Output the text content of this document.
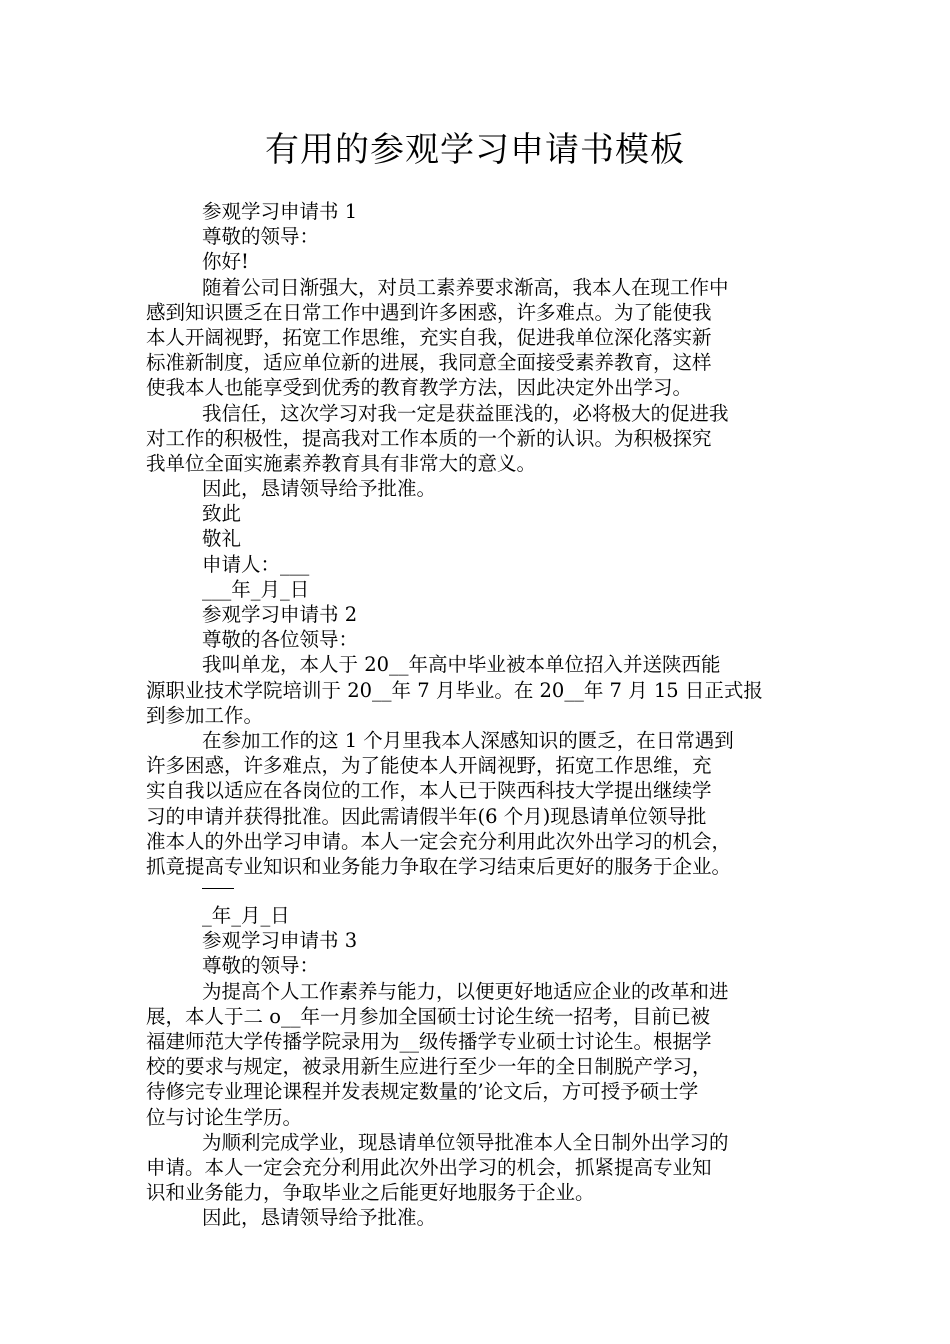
有用的参观学习申请书模板
参观学习申请书 1
尊敬的领导：
你好!
随着公司日渐强大，对员工素养要求渐高，我本人在现工作中
感到知识匮乏在日常工作中遇到许多困惑，许多难点。为了能使我
本人开阔视野，拓宽工作思维，充实自我，促进我单位深化落实新
标准新制度，适应单位新的进展，我同意全面接受素养教育，这样
使我本人也能享受到优秀的教育教学方法，因此决定外出学习。
我信任，这次学习对我一定是获益匪浅的，必将极大的促进我
对工作的积极性，提高我对工作本质的一个新的认识。为积极探究
我单位全面实施素养教育具有非常大的意义。
因此，恳请领导给予批准。
致此
敬礼
申请人：___
___年_月_日
参观学习申请书 2
尊敬的各位领导：
我叫单龙，本人于 20__年高中毕业被本单位招入并送陕西能
源职业技术学院培训于 20__年 7 月毕业。在 20__年 7 月 15 日正式报
到参加工作。
在参加工作的这 1 个月里我本人深感知识的匮乏，在日常遇到
许多困惑，许多难点，为了能使本人开阔视野，拓宽工作思维，充
实自我以适应在各岗位的工作，本人已于陕西科技大学提出继续学
习的申请并获得批准。因此需请假半年(6 个月)现恳请单位领导批
准本人的外出学习申请。本人一定会充分利用此次外出学习的机会，
抓竟提高专业知识和业务能力争取在学习结束后更好的服务于企业。
_年_月_日
参观学习申请书 3
尊敬的领导：
为提高个人工作素养与能力，以便更好地适应企业的改革和进
展，本人于二 o__年一月参加全国硕士讨论生统一招考，目前已被
福建师范大学传播学院录用为__级传播学专业硕士讨论生。根据学
校的要求与规定，被录用新生应进行至少一年的全日制脱产学习，
待修完专业理论课程并发表规定数量的’论文后，方可授予硕士学
位与讨论生学历。
为顺利完成学业，现恳请单位领导批准本人全日制外出学习的
申请。本人一定会充分利用此次外出学习的机会，抓紧提高专业知
识和业务能力，争取毕业之后能更好地服务于企业。
因此，恳请领导给予批准。
